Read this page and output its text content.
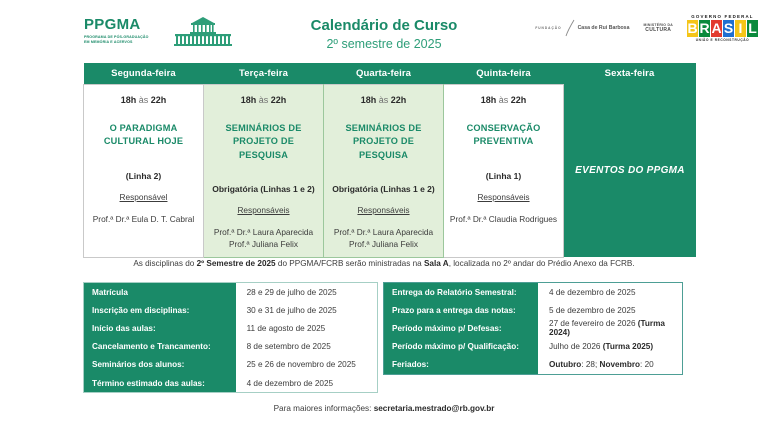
PPGMA
PROGRAMA DE PÓS-GRADUAÇÃO
EM MEMÓRIA E ACERVOS
Calendário de Curso
2º semestre de 2025
FUNDAÇÃO	Casa de Rui Barbosa	MINISTÉRIO DA
CULTURA
GOVERNO FEDERAL
B R A S I L
UNIÃO E RECONSTRUÇÃO
Segunda-feira	Terça-feira	Quarta-feira	Quinta-feira	Sexta-feira

18h às 22h
O PARADIGMA
CULTURAL HOJE
(Linha 2)
Responsável
Prof.ª Dr.ª Eula D. T. Cabral

18h às 22h
SEMINÁRIOS DE
PROJETO DE PESQUISA
Obrigatória (Linhas 1 e 2)
Responsáveis
Prof.ª Dr.ª Laura Aparecida
Prof.ª Juliana Felix

18h às 22h
SEMINÁRIOS DE
PROJETO DE PESQUISA
Obrigatória (Linhas 1 e 2)
Responsáveis
Prof.ª Dr.ª Laura Aparecida
Prof.ª Juliana Felix

18h às 22h
CONSERVAÇÃO
PREVENTIVA
(Linha 1)
Responsáveis
Prof.ª Dr.ª Claudia Rodrigues

EVENTOS DO PPGMA
As disciplinas do 2º Semestre de 2025 do PPGMA/FCRB serão ministradas na Sala A, localizada no 2º andar do Prédio Anexo da FCRB.
Matrícula	28 e 29 de julho de 2025
Inscrição em disciplinas:	30 e 31 de julho de 2025
Início das aulas:	11 de agosto de 2025
Cancelamento e Trancamento:	8 de setembro de 2025
Seminários dos alunos:	25 e 26 de novembro de 2025
Término estimado das aulas:	4 de dezembro de 2025
Entrega do Relatório Semestral:	4 de dezembro de 2025
Prazo para a entrega das notas:	5 de dezembro de 2025
Período máximo p/ Defesas:	27 de fevereiro de 2026 (Turma 2024)
Período máximo p/ Qualificação:	Julho de 2026 (Turma 2025)
Feriados:	Outubro: 28; Novembro: 20
Para maiores informações: secretaria.mestrado@rb.gov.br
